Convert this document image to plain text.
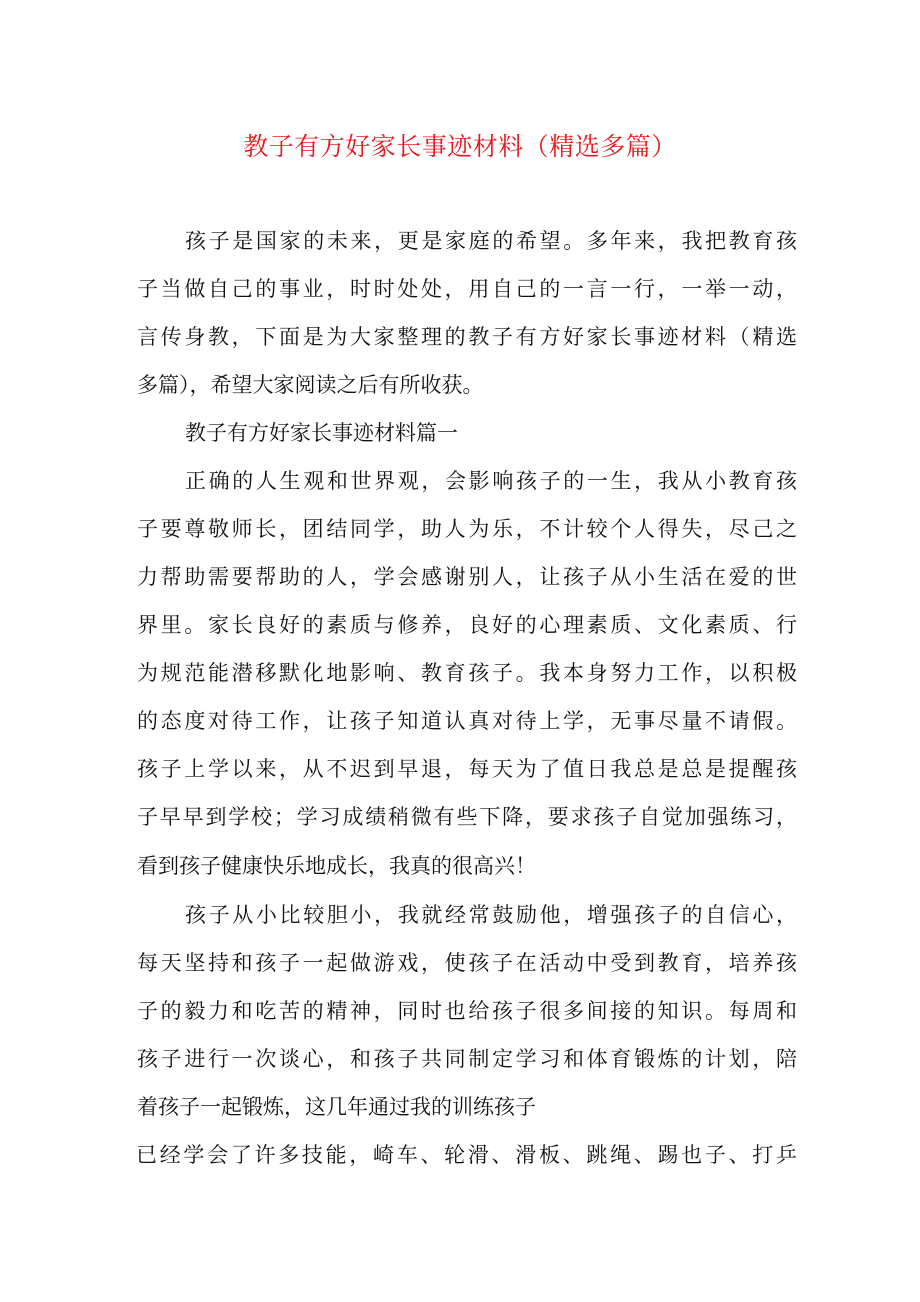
教子有方好家长事迹材料（精选多篇）
孩子是国家的未来，更是家庭的希望。多年来，我把教育孩
子当做自己的事业，时时处处，用自己的一言一行，一举一动，
言传身教，下面是为大家整理的教子有方好家长事迹材料（精选
多篇），希望大家阅读之后有所收获。
教子有方好家长事迹材料篇一
正确的人生观和世界观，会影响孩子的一生，我从小教育孩
子要尊敬师长，团结同学，助人为乐，不计较个人得失，尽己之
力帮助需要帮助的人，学会感谢别人，让孩子从小生活在爱的世
界里。家长良好的素质与修养，良好的心理素质、文化素质、行
为规范能潜移默化地影响、教育孩子。我本身努力工作，以积极
的态度对待工作，让孩子知道认真对待上学，无事尽量不请假。
孩子上学以来，从不迟到早退，每天为了值日我总是总是提醒孩
子早早到学校；学习成绩稍微有些下降，要求孩子自觉加强练习，
看到孩子健康快乐地成长，我真的很高兴！
孩子从小比较胆小，我就经常鼓励他，增强孩子的自信心，
每天坚持和孩子一起做游戏，使孩子在活动中受到教育，培养孩
子的毅力和吃苦的精神，同时也给孩子很多间接的知识。每周和
孩子进行一次谈心，和孩子共同制定学习和体育锻炼的计划，陪
着孩子一起锻炼，这几年通过我的训练孩子
已经学会了许多技能，崎车、轮滑、滑板、跳绳、踢也子、打乒
